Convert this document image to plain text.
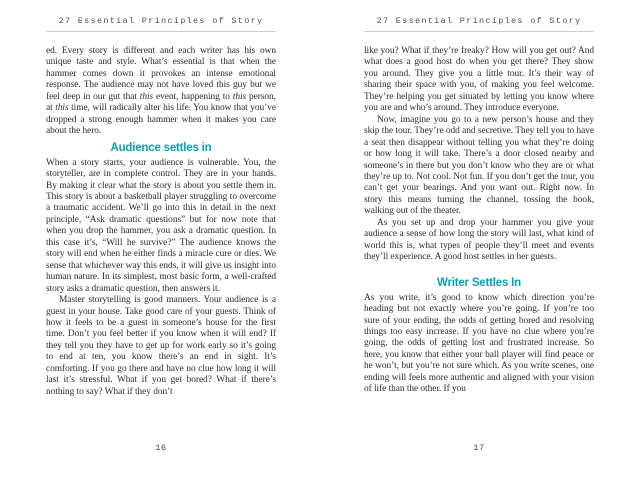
27 Essential Principles of Story

ed. Every story is different and each writer has his own unique taste and style. What’s essential is that when the hammer comes down it provokes an intense emotional response. The audience may not have loved this guy but we feel deep in our gut that this event, happening to this person, at this time, will radically alter his life. You know that you’ve dropped a strong enough hammer when it makes you care about the hero.

Audience settles in

When a story starts, your audience is vulnerable. You, the storyteller, are in complete control. They are in your hands. By making it clear what the story is about you settle them in. This story is about a basketball player struggling to overcome a traumatic accident. We’ll go into this in detail in the next principle, “Ask dramatic questions” but for now note that when you drop the hammer, you ask a dramatic question. In this case it’s, “Will he survive?” The audience knows the story will end when he either finds a miracle cure or dies. We sense that whichever way this ends, it will give us insight into human nature. In its simplest, most basic form, a well-crafted story asks a dramatic question, then answers it.

Master storytelling is good manners. Your audience is a guest in your house. Take good care of your guests. Think of how it feels to be a guest in someone’s house for the first time. Don’t you feel better if you know when it will end? If they tell you they have to get up for work early so it’s going to end at ten, you know there’s an end in sight. It’s comforting. If you go there and have no clue how long it will last it’s stressful. What if you get bored? What if there’s nothing to say? What if they don’t

16
27 Essential Principles of Story

like you? What if they’re freaky? How will you get out? And what does a good host do when you get there? They show you around. They give you a little tour. It’s their way of sharing their space with you, of making you feel welcome. They’re helping you get situated by letting you know where you are and who’s around. They introduce everyone.

Now, imagine you go to a new person’s house and they skip the tour. They’re odd and secretive. They tell you to have a seat then disappear without telling you what they’re doing or how long it will take. There’s a door closed nearby and someone’s in there but you don’t know who they are or what they’re up to. Not cool. Not fun. If you don’t get the tour, you can’t get your bearings. And you want out. Right now. In story this means turning the channel, tossing the book, walking out of the theater.

As you set up and drop your hammer you give your audience a sense of how long the story will last, what kind of world this is, what types of people they’ll meet and events they’ll experience. A good host settles in her guests.

Writer Settles In

As you write, it’s good to know which direction you’re heading but not exactly where you’re going. If you’re too sure of your ending, the odds of getting bored and resolving things too easy increase. If you have no clue where you’re going, the odds of getting lost and frustrated increase. So here, you know that either your ball player will find peace or he won’t, but you’re not sure which. As you write scenes, one ending will feels more authentic and aligned with your vision of life than the other. If you

17
